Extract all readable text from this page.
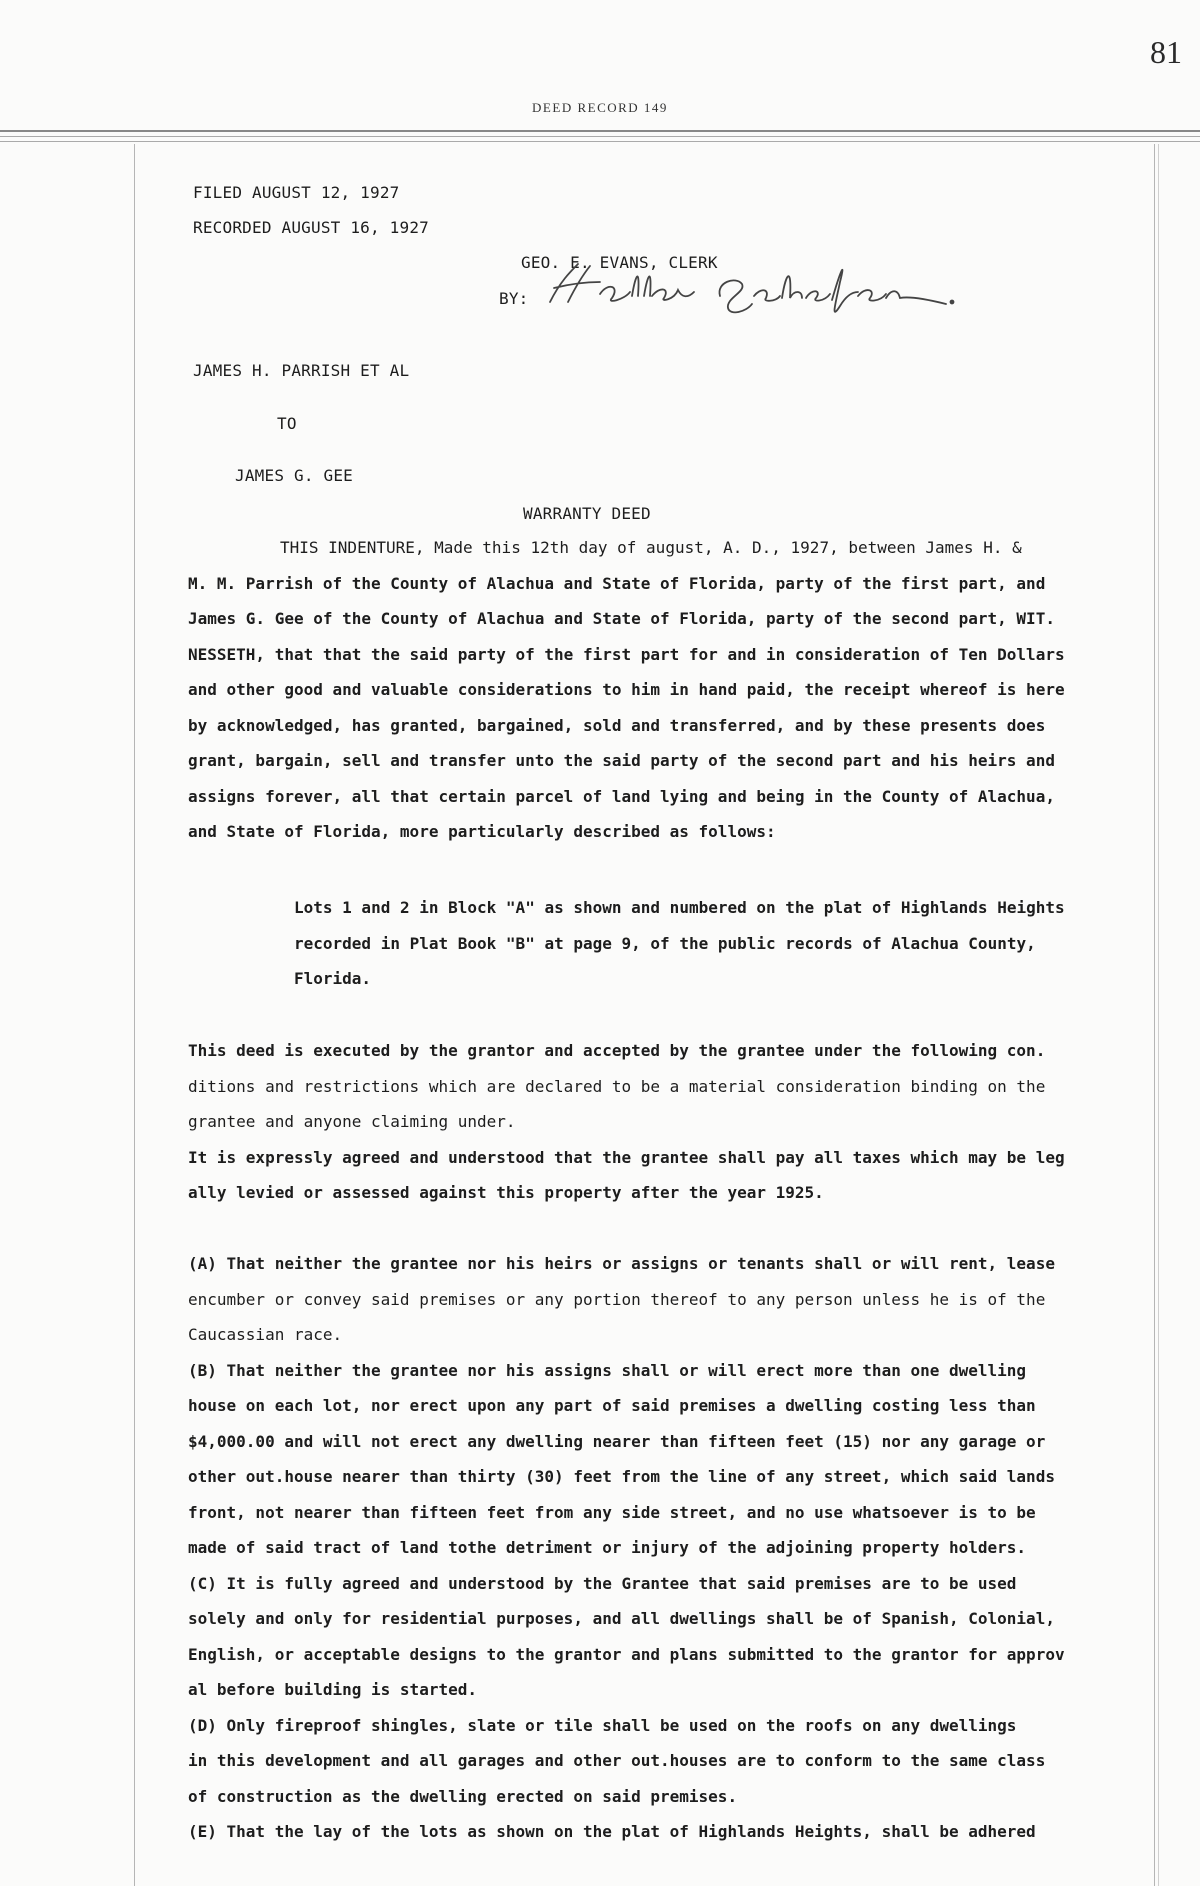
81
DEED RECORD 149
FILED AUGUST 12, 1927
RECORDED AUGUST 16, 1927
GEO. E. EVANS, CLERK
BY:
JAMES H. PARRISH ET AL
TO
JAMES G. GEE
WARRANTY DEED
THIS INDENTURE, Made this 12th day of august, A. D., 1927, between James H. &
M. M. Parrish of the County of Alachua and State of Florida, party of the first part, and
James G. Gee of the County of Alachua and State of Florida, party of the second part, WIT.
NESSETH, that that the said party of the first part for and in consideration of Ten Dollars
and other good and valuable considerations to him in hand paid, the receipt whereof is here
by acknowledged, has granted, bargained, sold and transferred, and by these presents does
grant, bargain, sell and transfer unto the said party of the second part and his heirs and
assigns forever, all that certain parcel of land lying and being in the County of Alachua,
and State of Florida, more particularly described as follows:
Lots 1 and 2 in Block "A" as shown and numbered on the plat of Highlands Heights
recorded in Plat Book "B" at page 9, of the public records of Alachua County,
Florida.
This deed is executed by the grantor and accepted by the grantee under the following con.
ditions and restrictions which are declared to be a material consideration binding on the
grantee and anyone claiming under.
It is expressly agreed and understood that the grantee shall pay all taxes which may be leg
ally levied or assessed against this property after the year 1925.
(A) That neither the grantee nor his heirs or assigns or tenants shall or will rent, lease
encumber or convey said premises or any portion thereof to any person unless he is of the
Caucassian race.
(B) That neither the grantee nor his assigns shall or will erect more than one dwelling
house on each lot, nor erect upon any part of said premises a dwelling costing less than
$4,000.00 and will not erect any dwelling nearer than fifteen feet (15) nor any garage or
other out.house nearer than thirty (30) feet from the line of any street, which said lands
front, not nearer than fifteen feet from any side street, and no use whatsoever is to be
made of said tract of land tothe detriment or injury of the adjoining property holders.
(C) It is fully agreed and understood by the Grantee that said premises are to be used
solely and only for residential purposes, and all dwellings shall be of Spanish, Colonial,
English, or acceptable designs to the grantor and plans submitted to the grantor for approv
al before building is started.
(D) Only fireproof shingles, slate or tile shall be used on the roofs on any dwellings
in this development and all garages and other out.houses are to conform to the same class
of construction as the dwelling erected on said premises.
(E) That the lay of the lots as shown on the plat of Highlands Heights, shall be adhered
